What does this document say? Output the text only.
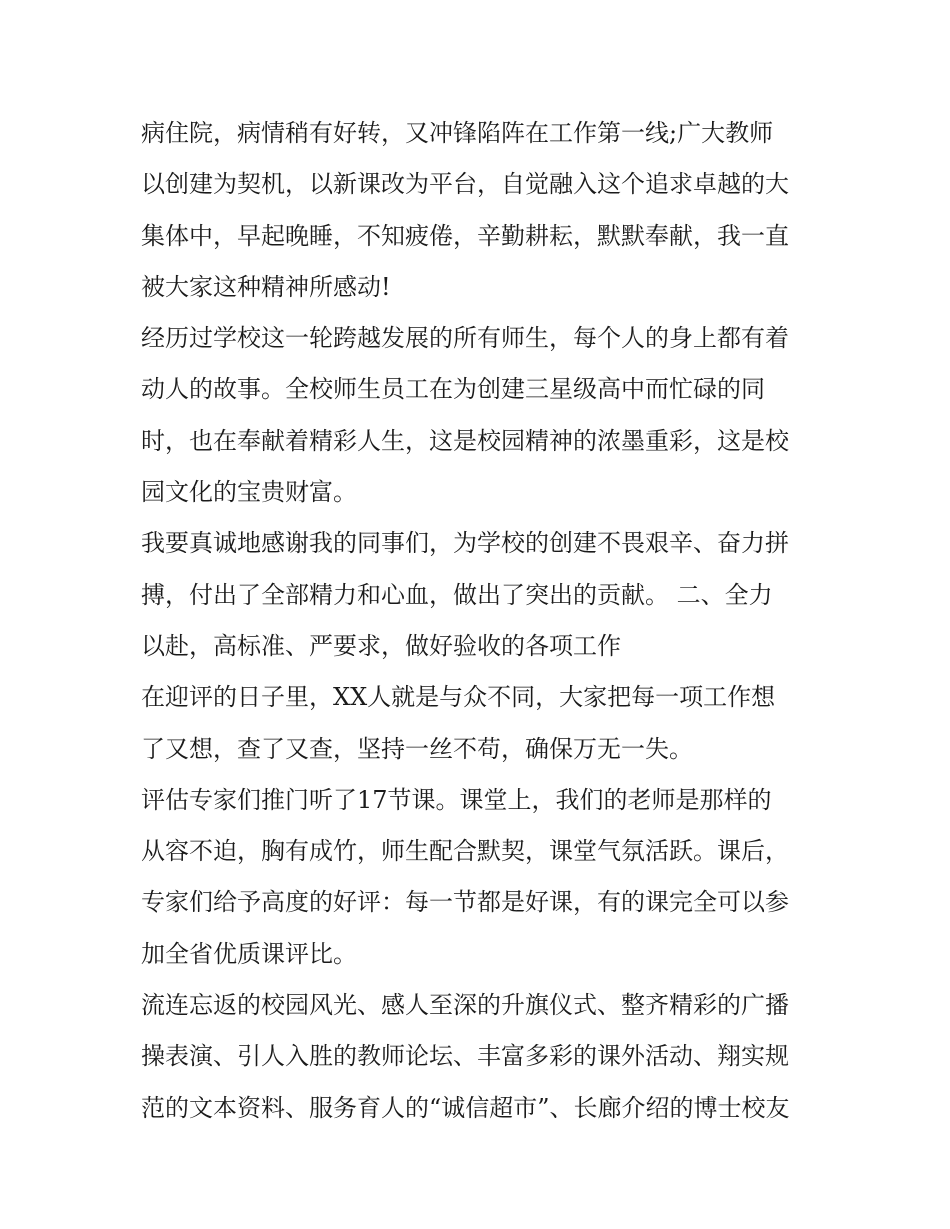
病住院，病情稍有好转，又冲锋陷阵在工作第一线;广大教师
以创建为契机，以新课改为平台，自觉融入这个追求卓越的大
集体中，早起晚睡，不知疲倦，辛勤耕耘，默默奉献，我一直
被大家这种精神所感动!
经历过学校这一轮跨越发展的所有师生，每个人的身上都有着
动人的故事。全校师生员工在为创建三星级高中而忙碌的同
时，也在奉献着精彩人生，这是校园精神的浓墨重彩，这是校
园文化的宝贵财富。
我要真诚地感谢我的同事们，为学校的创建不畏艰辛、奋力拼
搏，付出了全部精力和心血，做出了突出的贡献。 二、全力
以赴，高标准、严要求，做好验收的各项工作
在迎评的日子里，XX人就是与众不同，大家把每一项工作想
了又想，查了又查，坚持一丝不苟，确保万无一失。
评估专家们推门听了17节课。课堂上，我们的老师是那样的
从容不迫，胸有成竹，师生配合默契，课堂气氛活跃。课后，
专家们给予高度的好评：每一节都是好课，有的课完全可以参
加全省优质课评比。
流连忘返的校园风光、感人至深的升旗仪式、整齐精彩的广播
操表演、引人入胜的教师论坛、丰富多彩的课外活动、翔实规
范的文本资料、服务育人的“诚信超市”、长廊介绍的博士校友
